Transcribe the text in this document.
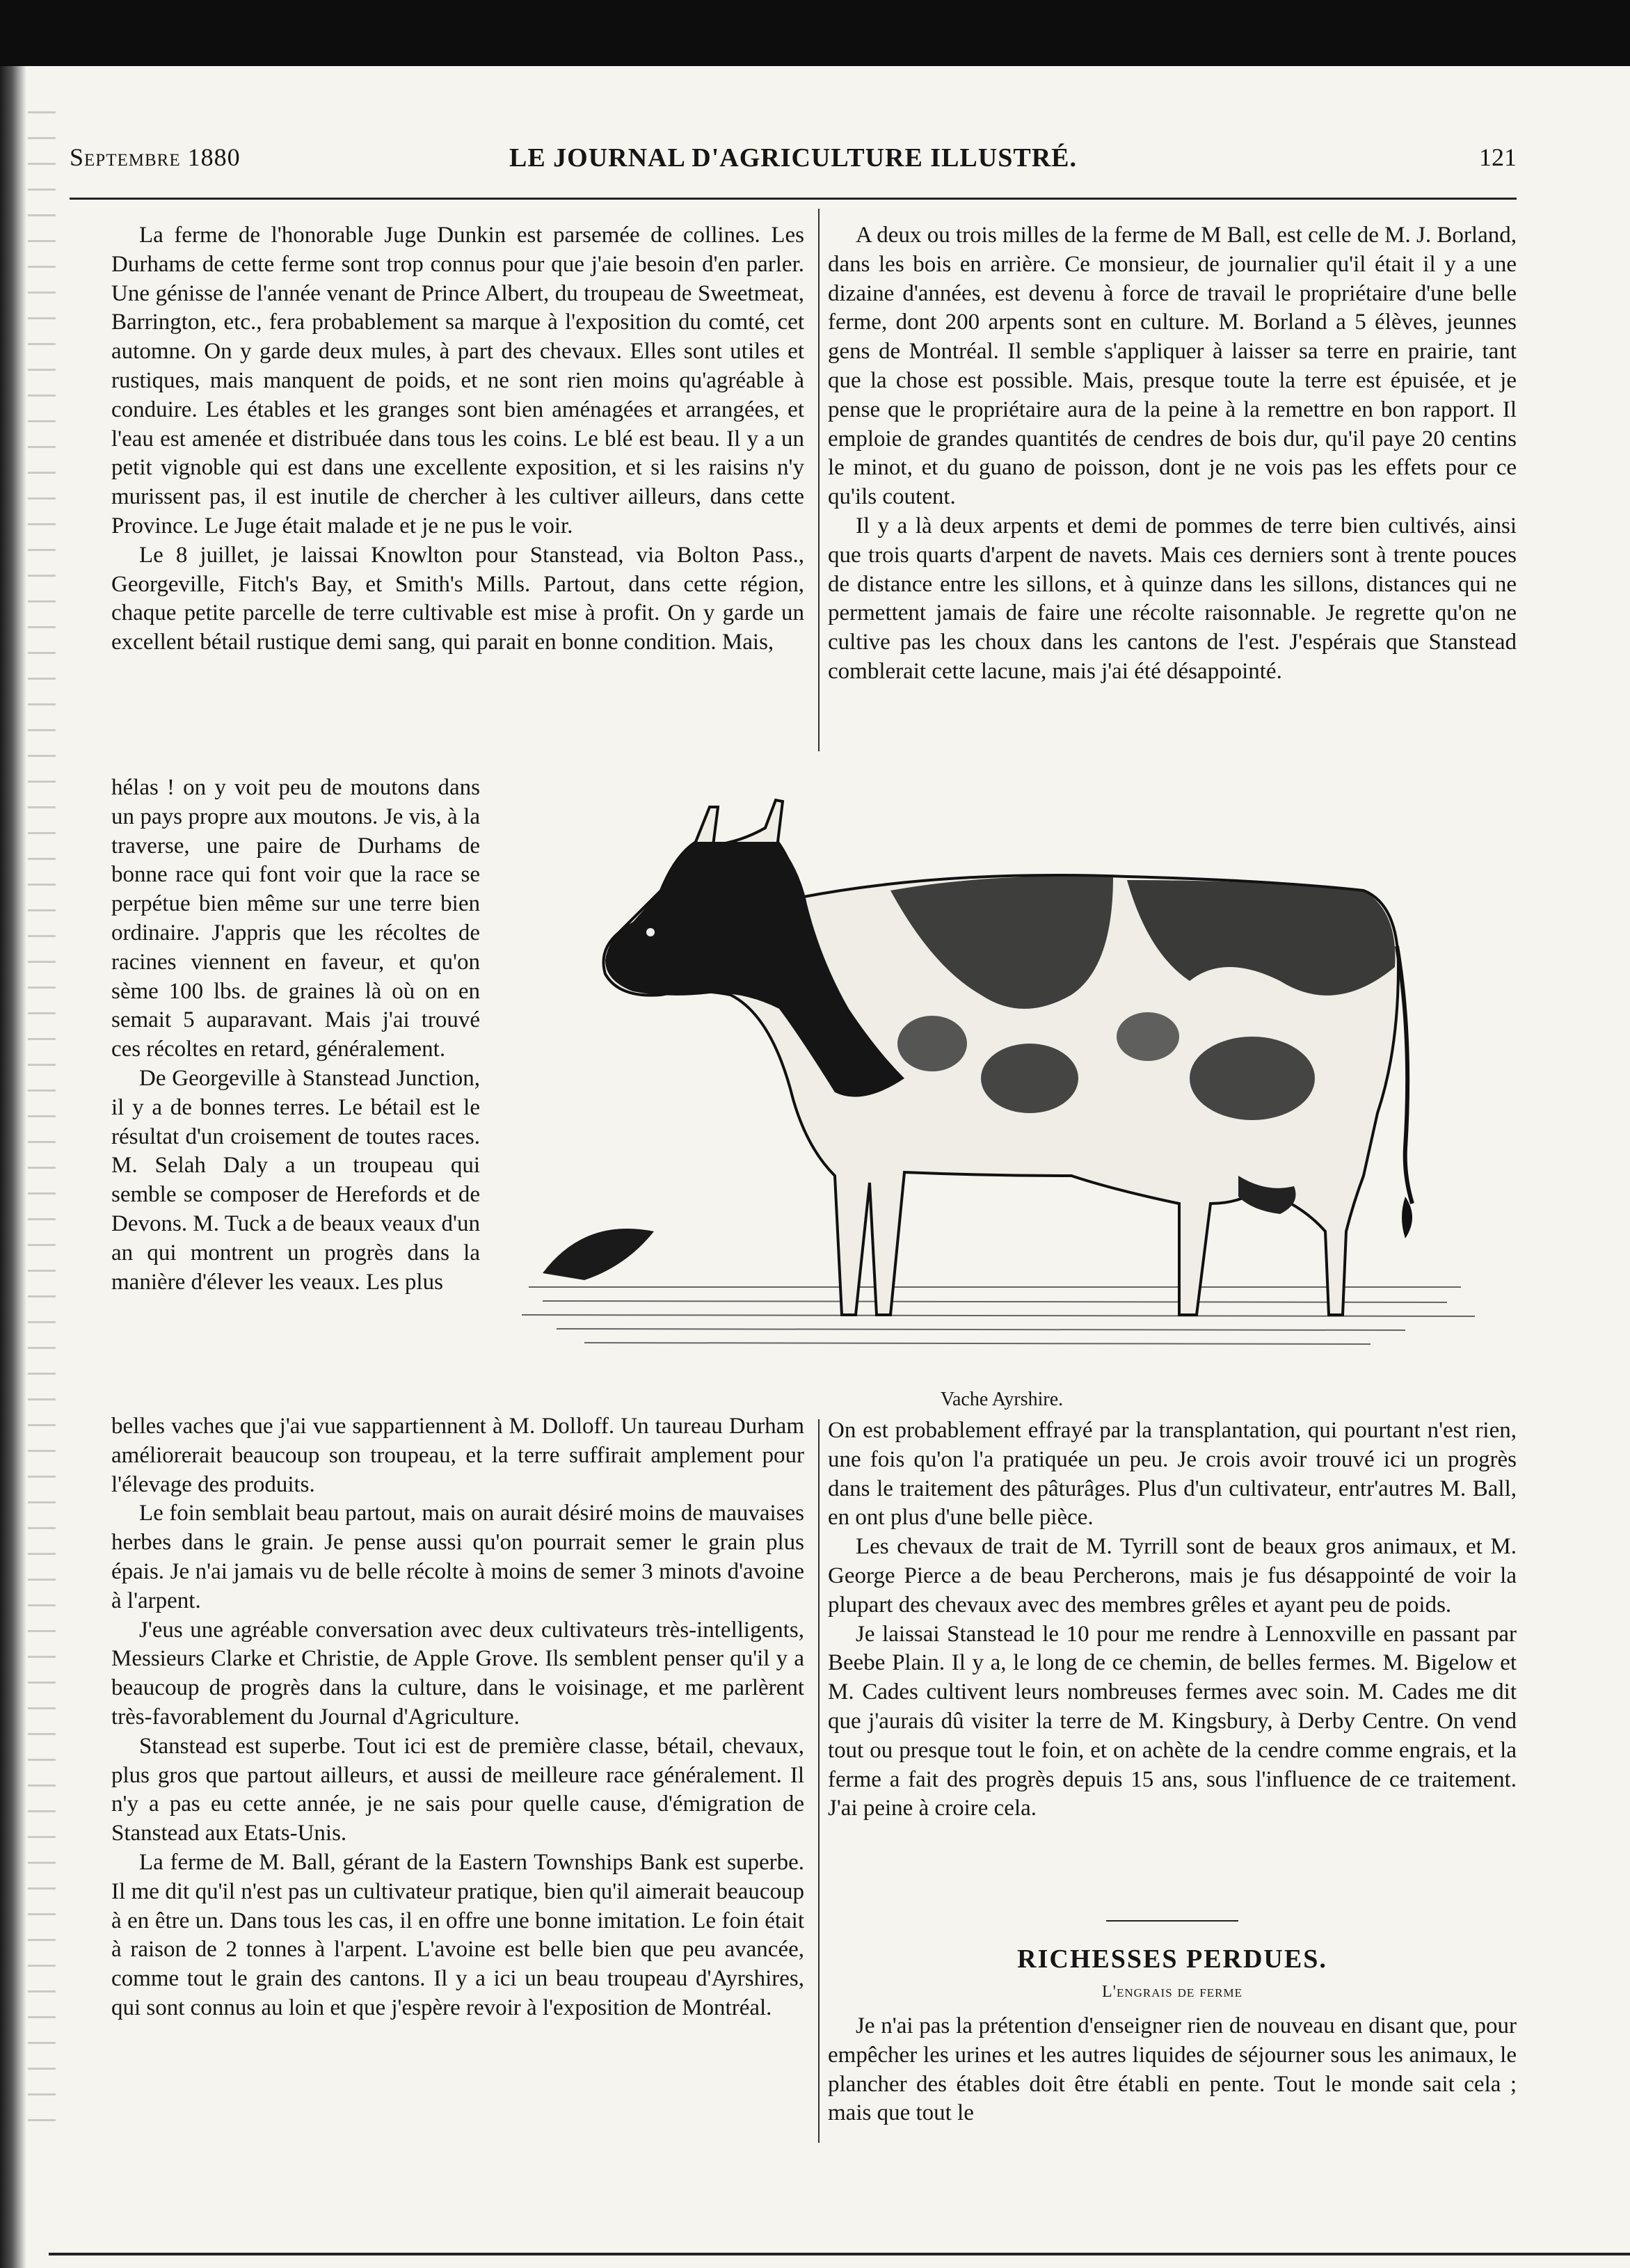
Septembre 1880	LE JOURNAL D'AGRICULTURE ILLUSTRÉ.	121

La ferme de l'honorable Juge Dunkin est parsemée de collines. Les Durhams de cette ferme sont trop connus pour que j'aie besoin d'en parler. Une génisse de l'année venant de Prince Albert, du troupeau de Sweetmeat, Barrington, etc., fera probablement sa marque à l'exposition du comté, cet automne. On y garde deux mules, à part des chevaux. Elles sont utiles et rustiques, mais manquent de poids, et ne sont rien moins qu'agréable à conduire. Les étables et les granges sont bien aménagées et arrangées, et l'eau est amenée et distribuée dans tous les coins. Le blé est beau. Il y a un petit vignoble qui est dans une excellente exposition, et si les raisins n'y murissent pas, il est inutile de chercher à les cultiver ailleurs, dans cette Province. Le Juge était malade et je ne pus le voir.

Le 8 juillet, je laissai Knowlton pour Stanstead, via Bolton Pass., Georgeville, Fitch's Bay, et Smith's Mills. Partout, dans cette région, chaque petite parcelle de terre cultivable est mise à profit. On y garde un excellent bétail rustique demi sang, qui parait en bonne condition. Mais,

hélas ! on y voit peu de moutons dans un pays propre aux moutons. Je vis, à la traverse, une paire de Durhams de bonne race qui font voir que la race se perpétue bien même sur une terre bien ordinaire. J'appris que les récoltes de racines viennent en faveur, et qu'on sème 100 lbs. de graines là où on en semait 5 auparavant. Mais j'ai trouvé ces récoltes en retard, généralement.

De Georgeville à Stanstead Junction, il y a de bonnes terres. Le bétail est le résultat d'un croisement de toutes races. M. Selah Daly a un troupeau qui semble se composer de Herefords et de Devons. M. Tuck a de beaux veaux d'un an qui montrent un progrès dans la manière d'élever les veaux. Les plus

belles vaches que j'ai vue sappartiennent à M. Dolloff. Un taureau Durham améliorerait beaucoup son troupeau, et la terre suffirait amplement pour l'élevage des produits.

Le foin semblait beau partout, mais on aurait désiré moins de mauvaises herbes dans le grain. Je pense aussi qu'on pourrait semer le grain plus épais. Je n'ai jamais vu de belle récolte à moins de semer 3 minots d'avoine à l'arpent.

J'eus une agréable conversation avec deux cultivateurs très-intelligents, Messieurs Clarke et Christie, de Apple Grove. Ils semblent penser qu'il y a beaucoup de progrès dans la culture, dans le voisinage, et me parlèrent très-favorablement du Journal d'Agriculture.

Stanstead est superbe. Tout ici est de première classe, bétail, chevaux, plus gros que partout ailleurs, et aussi de meilleure race généralement. Il n'y a pas eu cette année, je ne sais pour quelle cause, d'émigration de Stanstead aux Etats-Unis.

La ferme de M. Ball, gérant de la Eastern Townships Bank est superbe. Il me dit qu'il n'est pas un cultivateur pratique, bien qu'il aimerait beaucoup à en être un. Dans tous les cas, il en offre une bonne imitation. Le foin était à raison de 2 tonnes à l'arpent. L'avoine est belle bien que peu avancée, comme tout le grain des cantons. Il y a ici un beau troupeau d'Ayrshires, qui sont connus au loin et que j'espère revoir à l'exposition de Montréal.

A deux ou trois milles de la ferme de M Ball, est celle de M. J. Borland, dans les bois en arrière. Ce monsieur, de journalier qu'il était il y a une dizaine d'années, est devenu à force de travail le propriétaire d'une belle ferme, dont 200 arpents sont en culture. M. Borland a 5 élèves, jeunnes gens de Montréal. Il semble s'appliquer à laisser sa terre en prairie, tant que la chose est possible. Mais, presque toute la terre est épuisée, et je pense que le propriétaire aura de la peine à la remettre en bon rapport. Il emploie de grandes quantités de cendres de bois dur, qu'il paye 20 centins le minot, et du guano de poisson, dont je ne vois pas les effets pour ce qu'ils coutent.

Il y a là deux arpents et demi de pommes de terre bien cultivés, ainsi que trois quarts d'arpent de navets. Mais ces derniers sont à trente pouces de distance entre les sillons, et à quinze dans les sillons, distances qui ne permettent jamais de faire une récolte raisonnable. Je regrette qu'on ne cultive pas les choux dans les cantons de l'est. J'espérais que Stanstead comblerait cette lacune, mais j'ai été désappointé.

Vache Ayrshire.

On est probablement effrayé par la transplantation, qui pourtant n'est rien, une fois qu'on l'a pratiquée un peu. Je crois avoir trouvé ici un progrès dans le traitement des pâturâges. Plus d'un cultivateur, entr'autres M. Ball, en ont plus d'une belle pièce.

Les chevaux de trait de M. Tyrrill sont de beaux gros animaux, et M. George Pierce a de beau Percherons, mais je fus désappointé de voir la plupart des chevaux avec des membres grêles et ayant peu de poids.

Je laissai Stanstead le 10 pour me rendre à Lennoxville en passant par Beebe Plain. Il y a, le long de ce chemin, de belles fermes. M. Bigelow et M. Cades cultivent leurs nombreuses fermes avec soin. M. Cades me dit que j'aurais dû visiter la terre de M. Kingsbury, à Derby Centre. On vend tout ou presque tout le foin, et on achète de la cendre comme engrais, et la ferme a fait des progrès depuis 15 ans, sous l'influence de ce traitement. J'ai peine à croire cela.

RICHESSES PERDUES.
L'engrais de ferme

Je n'ai pas la prétention d'enseigner rien de nouveau en disant que, pour empêcher les urines et les autres liquides de séjourner sous les animaux, le plancher des étables doit être établi en pente. Tout le monde sait cela ; mais que tout le
